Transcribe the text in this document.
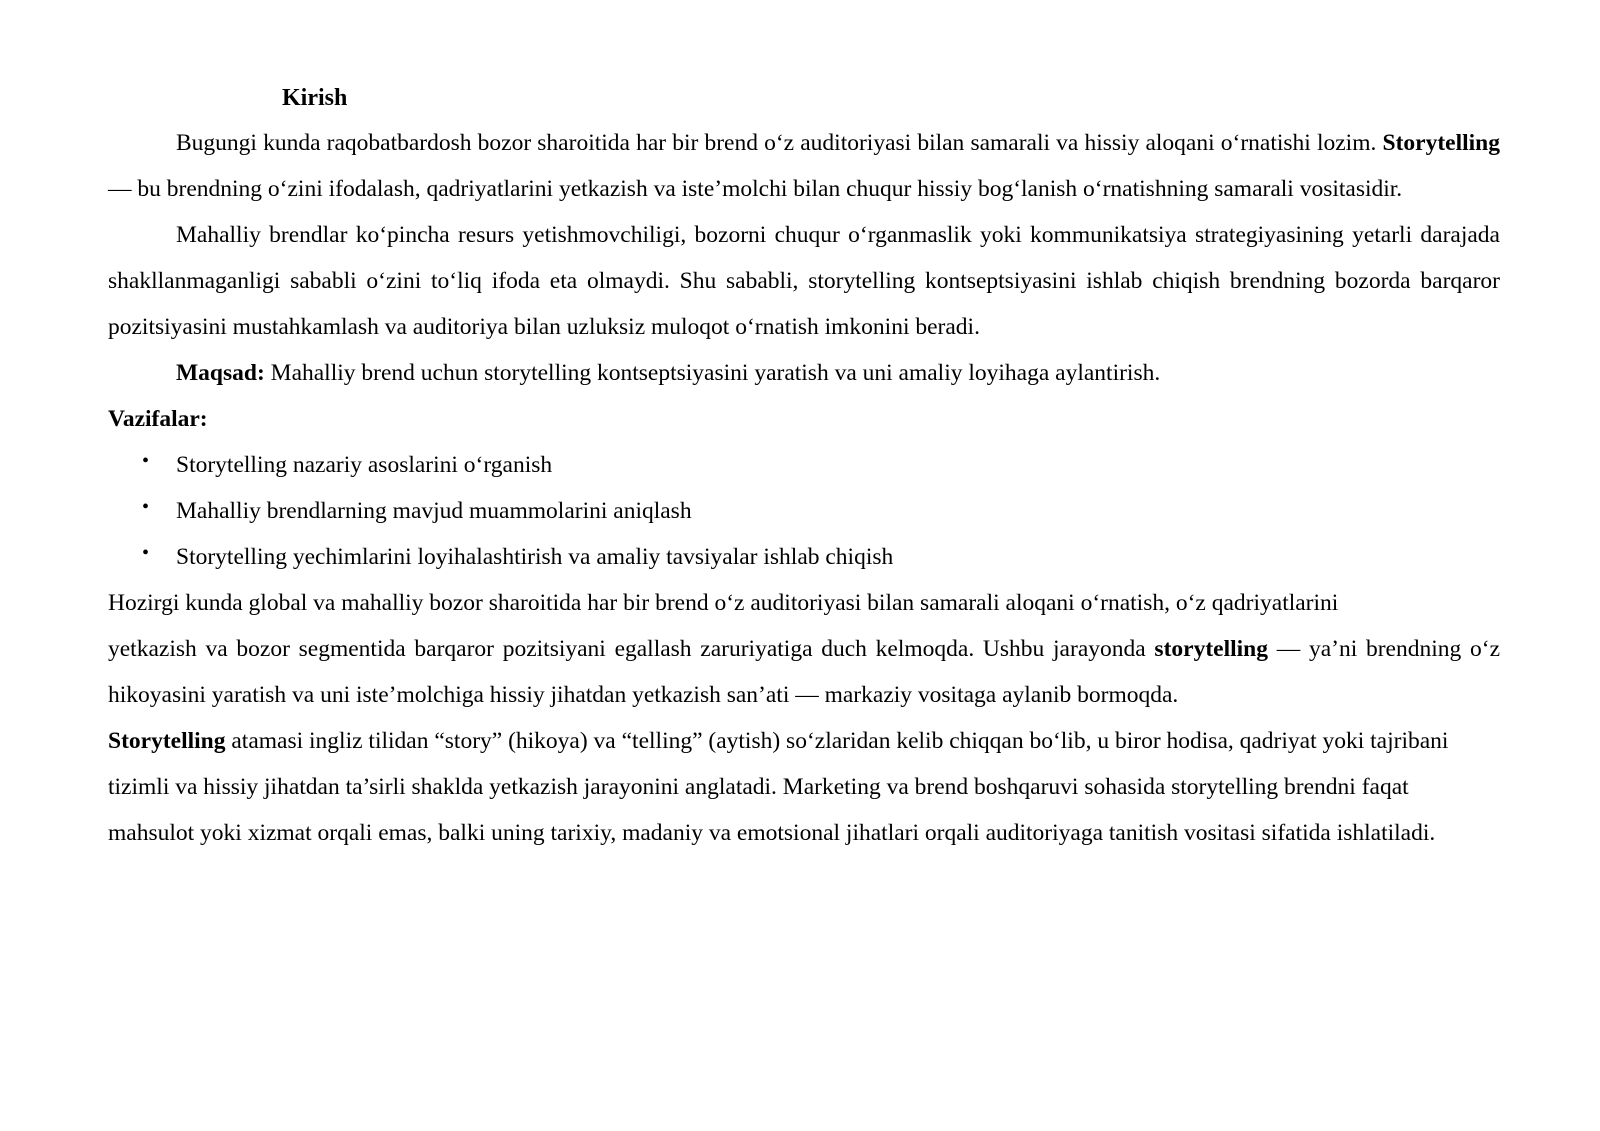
Kirish

Bugungi kunda raqobatbardosh bozor sharoitida har bir brend o‘z auditoriyasi bilan samarali va hissiy aloqani o‘rnatishi lozim. Storytelling — bu brendning o‘zini ifodalash, qadriyatlarini yetkazish va iste’molchi bilan chuqur hissiy bog‘lanish o‘rnatishning samarali vositasidir.

Mahalliy brendlar ko‘pincha resurs yetishmovchiligi, bozorni chuqur o‘rganmaslik yoki kommunikatsiya strategiyasining yetarli darajada shakllanmaganligi sababli o‘zini to‘liq ifoda eta olmaydi. Shu sababli, storytelling kontseptsiyasini ishlab chiqish brendning bozorda barqaror pozitsiyasini mustahkamlash va auditoriya bilan uzluksiz muloqot o‘rnatish imkonini beradi.

Maqsad: Mahalliy brend uchun storytelling kontseptsiyasini yaratish va uni amaliy loyihaga aylantirish.

Vazifalar:

• Storytelling nazariy asoslarini o‘rganish
• Mahalliy brendlarning mavjud muammolarini aniqlash
• Storytelling yechimlarini loyihalashtirish va amaliy tavsiyalar ishlab chiqish

Hozirgi kunda global va mahalliy bozor sharoitida har bir brend o‘z auditoriyasi bilan samarali aloqani o‘rnatish, o‘z qadriyatlarini

yetkazish va bozor segmentida barqaror pozitsiyani egallash zaruriyatiga duch kelmoqda. Ushbu jarayonda storytelling — ya’ni brendning o‘z hikoyasini yaratish va uni iste’molchiga hissiy jihatdan yetkazish san’ati — markaziy vositaga aylanib bormoqda.

Storytelling atamasi ingliz tilidan “story” (hikoya) va “telling” (aytish) so‘zlaridan kelib chiqqan bo‘lib, u biror hodisa, qadriyat yoki tajribani tizimli va hissiy jihatdan ta’sirli shaklda yetkazish jarayonini anglatadi. Marketing va brend boshqaruvi sohasida storytelling brendni faqat mahsulot yoki xizmat orqali emas, balki uning tarixiy, madaniy va emotsional jihatlari orqali auditoriyaga tanitish vositasi sifatida ishlatiladi.
